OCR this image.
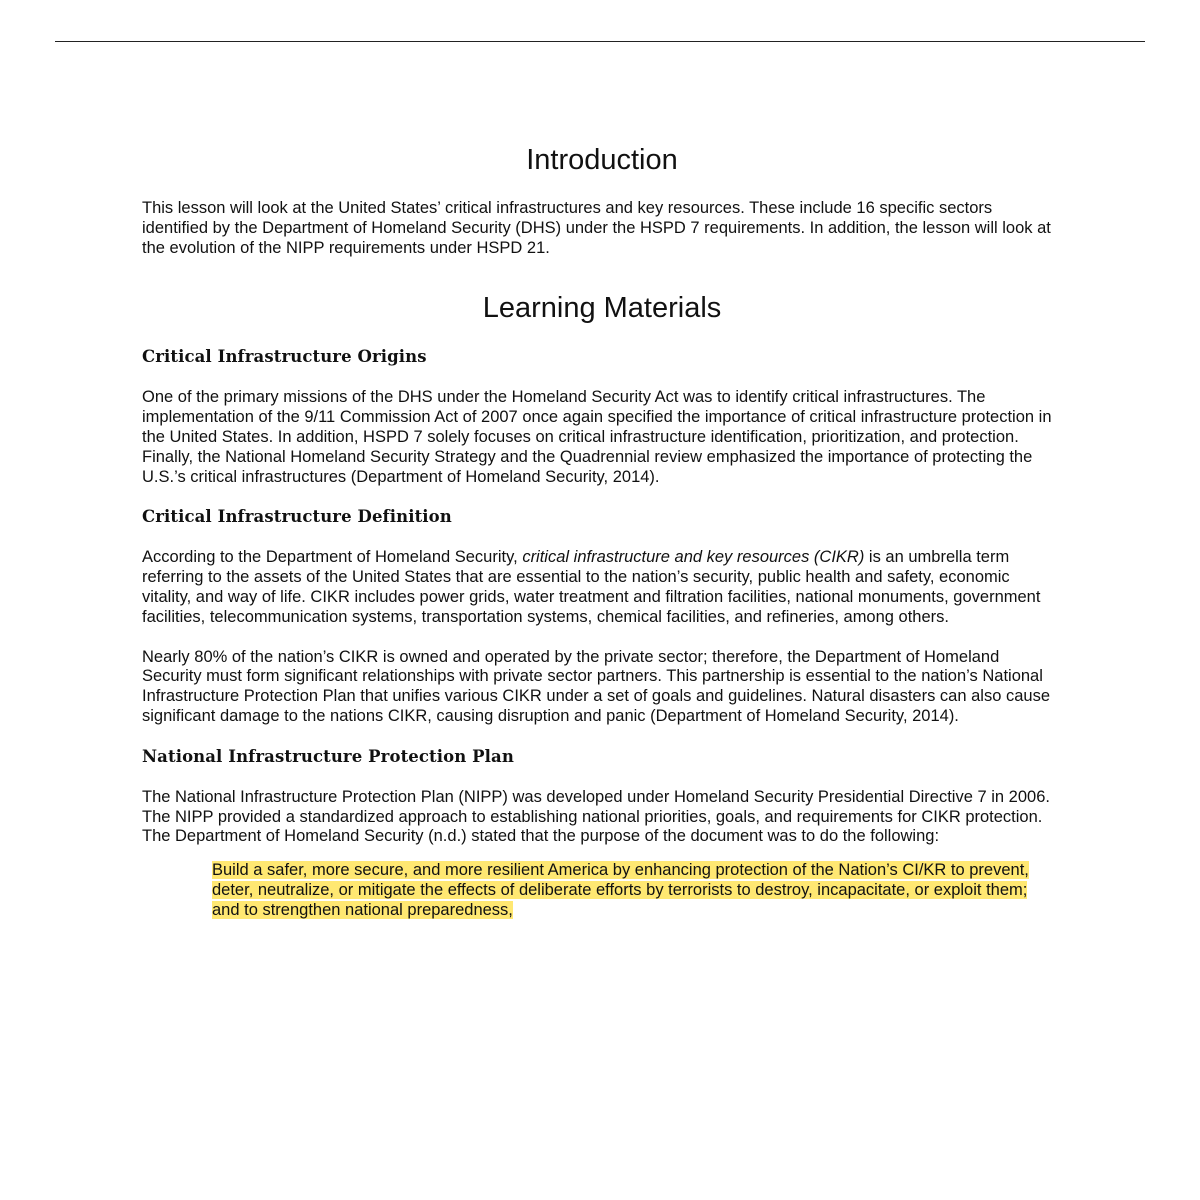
Introduction

This lesson will look at the United States’ critical infrastructures and key resources. These include 16 specific sectors identified by the Department of Homeland Security (DHS) under the HSPD 7 requirements. In addition, the lesson will look at the evolution of the NIPP requirements under HSPD 21.

Learning Materials
Critical Infrastructure Origins

One of the primary missions of the DHS under the Homeland Security Act was to identify critical infrastructures. The implementation of the 9/11 Commission Act of 2007 once again specified the importance of critical infrastructure protection in the United States. In addition, HSPD 7 solely focuses on critical infrastructure identification, prioritization, and protection. Finally, the National Homeland Security Strategy and the Quadrennial review emphasized the importance of protecting the U.S.’s critical infrastructures (Department of Homeland Security, 2014).

Critical Infrastructure Definition

According to the Department of Homeland Security, critical infrastructure and key resources (CIKR) is an umbrella term referring to the assets of the United States that are essential to the nation’s security, public health and safety, economic vitality, and way of life. CIKR includes power grids, water treatment and filtration facilities, national monuments, government facilities, telecommunication systems, transportation systems, chemical facilities, and refineries, among others.

Nearly 80% of the nation’s CIKR is owned and operated by the private sector; therefore, the Department of Homeland Security must form significant relationships with private sector partners. This partnership is essential to the nation’s National Infrastructure Protection Plan that unifies various CIKR under a set of goals and guidelines. Natural disasters can also cause significant damage to the nations CIKR, causing disruption and panic (Department of Homeland Security, 2014).

National Infrastructure Protection Plan

The National Infrastructure Protection Plan (NIPP) was developed under Homeland Security Presidential Directive 7 in 2006. The NIPP provided a standardized approach to establishing national priorities, goals, and requirements for CIKR protection. The Department of Homeland Security (n.d.) stated that the purpose of the document was to do the following:

Build a safer, more secure, and more resilient America by enhancing protection of the Nation’s CI/KR to prevent, deter, neutralize, or mitigate the effects of deliberate efforts by terrorists to destroy, incapacitate, or exploit them; and to strengthen national preparedness,
